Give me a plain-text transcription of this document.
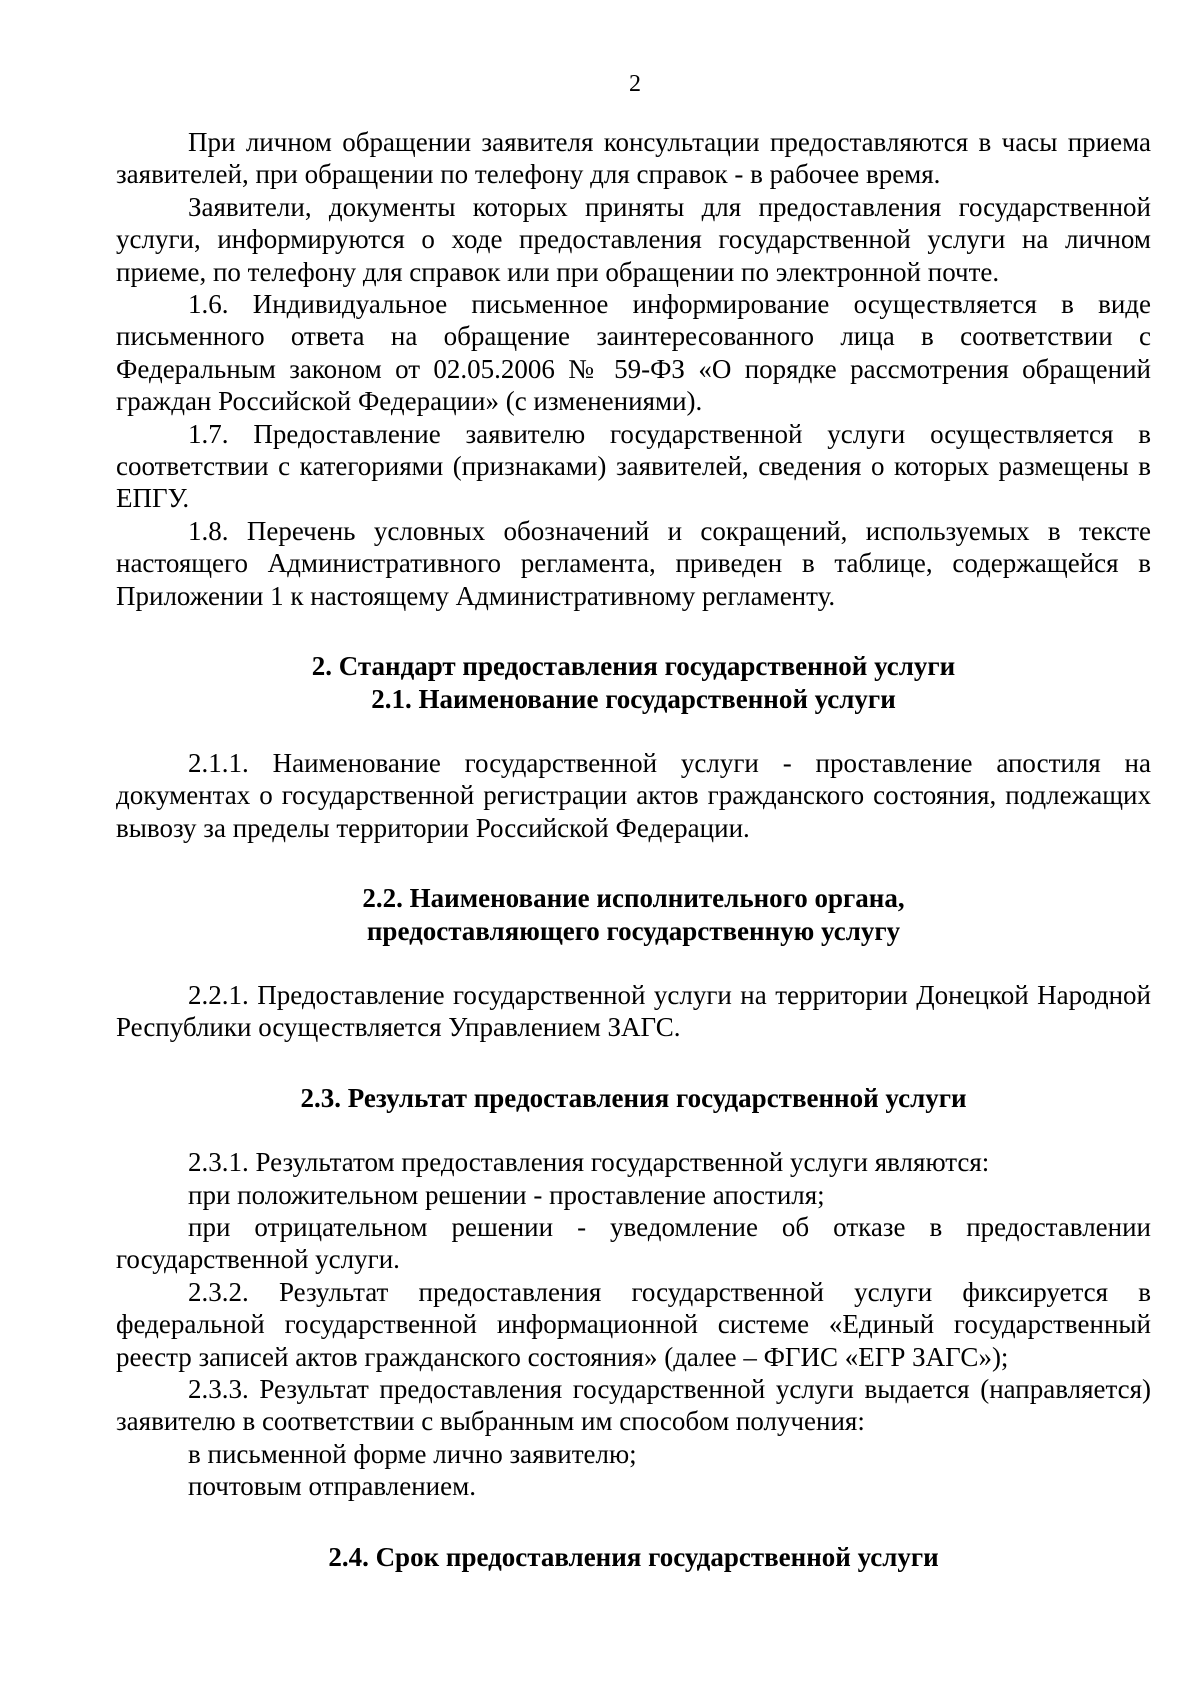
2

При личном обращении заявителя консультации предоставляются в часы приема заявителей, при обращении по телефону для справок - в рабочее время.

Заявители, документы которых приняты для предоставления государственной услуги, информируются о ходе предоставления государственной услуги на личном приеме, по телефону для справок или при обращении по электронной почте.

1.6. Индивидуальное письменное информирование осуществляется в виде письменного ответа на обращение заинтересованного лица в соответствии с Федеральным законом от 02.05.2006 № 59-ФЗ «О порядке рассмотрения обращений граждан Российской Федерации» (с изменениями).

1.7. Предоставление заявителю государственной услуги осуществляется в соответствии с категориями (признаками) заявителей, сведения о которых размещены в ЕПГУ.

1.8. Перечень условных обозначений и сокращений, используемых в тексте настоящего Административного регламента, приведен в таблице, содержащейся в Приложении 1 к настоящему Административному регламенту.

2. Стандарт предоставления государственной услуги
2.1. Наименование государственной услуги

2.1.1. Наименование государственной услуги - проставление апостиля на документах о государственной регистрации актов гражданского состояния, подлежащих вывозу за пределы территории Российской Федерации.

2.2. Наименование исполнительного органа,
предоставляющего государственную услугу

2.2.1. Предоставление государственной услуги на территории Донецкой Народной Республики осуществляется Управлением ЗАГС.

2.3. Результат предоставления государственной услуги

2.3.1. Результатом предоставления государственной услуги являются:

при положительном решении - проставление апостиля;

при отрицательном решении - уведомление об отказе в предоставлении государственной услуги.

2.3.2. Результат предоставления государственной услуги фиксируется в федеральной государственной информационной системе «Единый государственный реестр записей актов гражданского состояния» (далее – ФГИС «ЕГР ЗАГС»);

2.3.3. Результат предоставления государственной услуги выдается (направляется) заявителю в соответствии с выбранным им способом получения:

в письменной форме лично заявителю;

почтовым отправлением.

2.4. Срок предоставления государственной услуги
